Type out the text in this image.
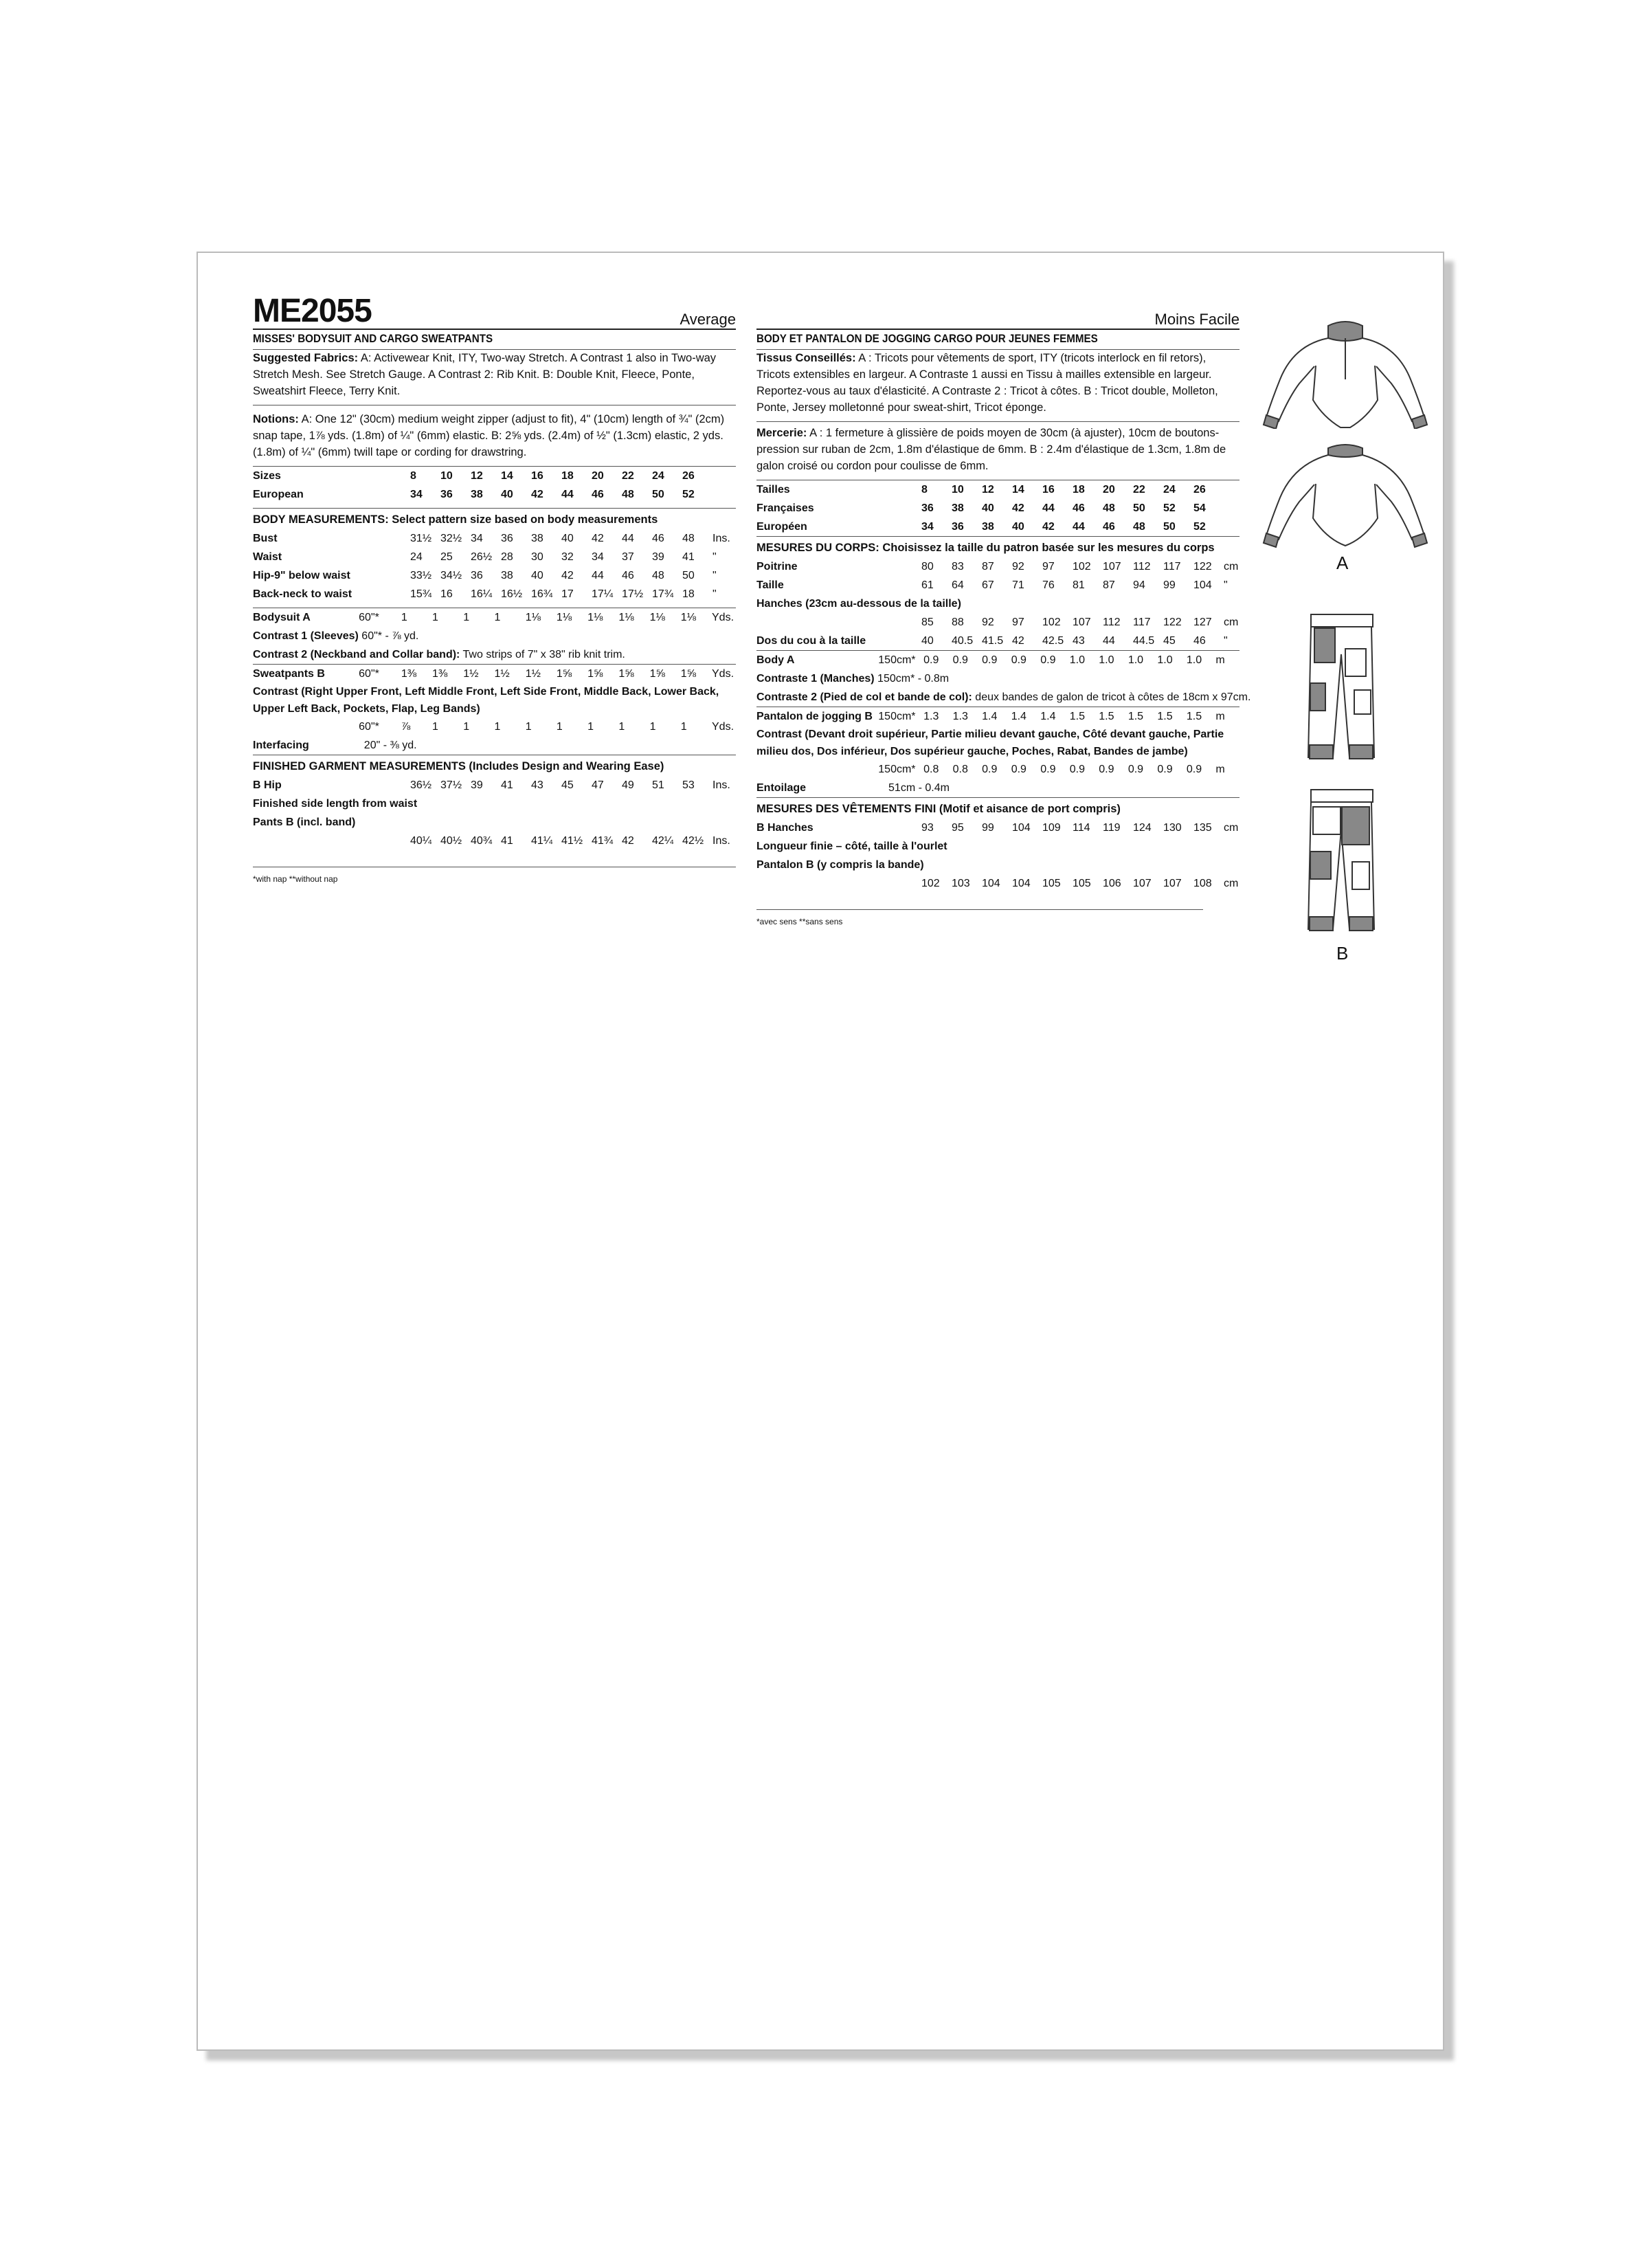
ME2055	Average
MISSES' BODYSUIT AND CARGO SWEATPANTS

Suggested Fabrics: A: Activewear Knit, ITY, Two-way Stretch. A Contrast 1 also in Two-way Stretch Mesh. See Stretch Gauge. A Contrast 2: Rib Knit. B: Double Knit, Fleece, Ponte, Sweatshirt Fleece, Terry Knit.

Notions: A: One 12" (30cm) medium weight zipper (adjust to fit), 4" (10cm) length of ¾" (2cm) snap tape, 1⅞ yds. (1.8m) of ¼" (6mm) elastic. B: 2⅝ yds. (2.4m) of ½" (1.3cm) elastic, 2 yds. (1.8m) of ¼" (6mm) twill tape or cording for drawstring.

Sizes		8	10	12	14	16	18	20	22	24	26	
European		34	36	38	40	42	44	46	48	50	52	
BODY MEASUREMENTS: Select pattern size based on body measurements
Bust		31½	32½	34	36	38	40	42	44	46	48	Ins.
Waist		24	25	26½	28	30	32	34	37	39	41	"
Hip-9" below waist		33½	34½	36	38	40	42	44	46	48	50	"
Back-neck to waist		15¾	16	16¼	16½	16¾	17	17¼	17½	17¾	18	"
Bodysuit A	60"*	1	1	1	1	1⅛	1⅛	1⅛	1⅛	1⅛	1⅛	Yds.
Contrast 1 (Sleeves) 60"* - ⅞ yd.
Contrast 2 (Neckband and Collar band): Two strips of 7" x 38" rib knit trim.
Sweatpants B	60"*	1⅜	1⅜	1½	1½	1½	1⅝	1⅝	1⅝	1⅝	1⅝	Yds.
Contrast (Right Upper Front, Left Middle Front, Left Side Front, Middle Back, Lower Back, Upper Left Back, Pockets, Flap, Leg Bands)
	60"*	⅞	1	1	1	1	1	1	1	1	1	Yds.
Interfacing	20" - ⅜ yd.
FINISHED GARMENT MEASUREMENTS (Includes Design and Wearing Ease)
B Hip		36½	37½	39	41	43	45	47	49	51	53	Ins.
Finished side length from waist
Pants B (incl. band)
		40¼	40½	40¾	41	41¼	41½	41¾	42	42¼	42½	Ins.
*with nap **without nap
Moins Facile
BODY ET PANTALON DE JOGGING CARGO POUR JEUNES FEMMES

Tissus Conseillés: A : Tricots pour vêtements de sport, ITY (tricots interlock en fil retors), Tricots extensibles en largeur. A Contraste 1 aussi en Tissu à mailles extensible en largeur. Reportez-vous au taux d'élasticité. A Contraste 2 : Tricot à côtes. B : Tricot double, Molleton, Ponte, Jersey molletonné pour sweat-shirt, Tricot éponge.

Mercerie: A : 1 fermeture à glissière de poids moyen de 30cm (à ajuster), 10cm de boutons-pression sur ruban de 2cm, 1.8m d'élastique de 6mm. B : 2.4m d'élastique de 1.3cm, 1.8m de galon croisé ou cordon pour coulisse de 6mm.

Tailles		8	10	12	14	16	18	20	22	24	26	
Françaises		36	38	40	42	44	46	48	50	52	54	
Européen		34	36	38	40	42	44	46	48	50	52	
MESURES DU CORPS: Choisissez la taille du patron basée sur les mesures du corps
Poitrine		80	83	87	92	97	102	107	112	117	122	cm
Taille		61	64	67	71	76	81	87	94	99	104	"
Hanches (23cm au-dessous de la taille)
		85	88	92	97	102	107	112	117	122	127	cm
Dos du cou à la taille		40	40.5	41.5	42	42.5	43	44	44.5	45	46	"
Body A	150cm*	0.9	0.9	0.9	0.9	0.9	1.0	1.0	1.0	1.0	1.0	m
Contraste 1 (Manches) 150cm* - 0.8m
Contraste 2 (Pied de col et bande de col): deux bandes de galon de tricot à côtes de 18cm x 97cm.
Pantalon de jogging B	150cm*	1.3	1.3	1.4	1.4	1.4	1.5	1.5	1.5	1.5	1.5	m
Contrast (Devant droit supérieur, Partie milieu devant gauche, Côté devant gauche, Partie milieu dos, Dos inférieur, Dos supérieur gauche, Poches, Rabat, Bandes de jambe)
	150cm*	0.8	0.8	0.9	0.9	0.9	0.9	0.9	0.9	0.9	0.9	m
Entoilage	51cm - 0.4m
MESURES DES VÊTEMENTS FINI (Motif et aisance de port compris)
B Hanches		93	95	99	104	109	114	119	124	130	135	cm
Longueur finie – côté, taille à l'ourlet
Pantalon B (y compris la bande)
		102	103	104	104	105	105	106	107	107	108	cm
*avec sens **sans sens
A
B
